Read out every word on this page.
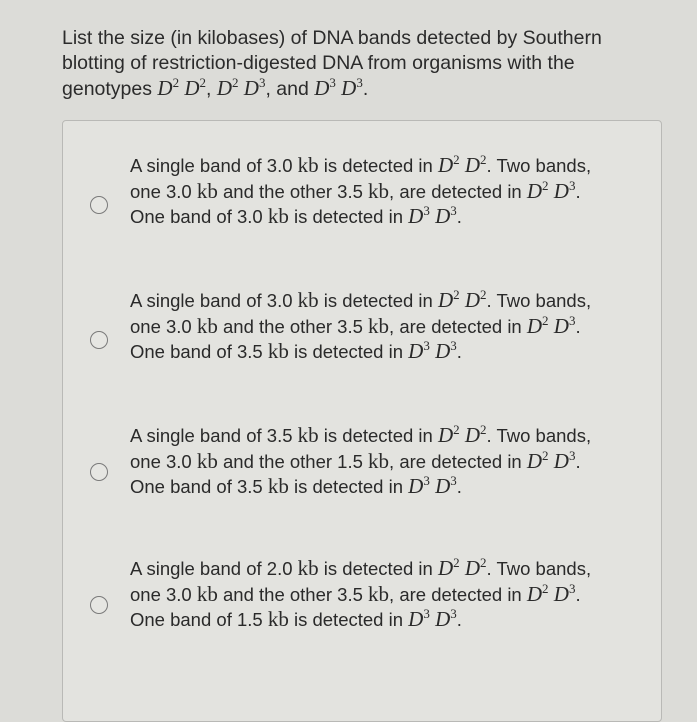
List the size (in kilobases) of DNA bands detected by Southern blotting of restriction-digested DNA from organisms with the genotypes $D^2$ $D^2$, $D^2$ $D^3$, and $D^3$ $D^3$.
A single band of 3.0 kb is detected in $D^2$ $D^2$. Two bands, one 3.0 kb and the other 3.5 kb, are detected in $D^2$ $D^3$. One band of 3.0 kb is detected in $D^3$ $D^3$.
A single band of 3.0 kb is detected in $D^2$ $D^2$. Two bands, one 3.0 kb and the other 3.5 kb, are detected in $D^2$ $D^3$. One band of 3.5 kb is detected in $D^3$ $D^3$.
A single band of 3.5 kb is detected in $D^2$ $D^2$. Two bands, one 3.0 kb and the other 1.5 kb, are detected in $D^2$ $D^3$. One band of 3.5 kb is detected in $D^3$ $D^3$.
A single band of 2.0 kb is detected in $D^2$ $D^2$. Two bands, one 3.0 kb and the other 3.5 kb, are detected in $D^2$ $D^3$. One band of 1.5 kb is detected in $D^3$ $D^3$.
